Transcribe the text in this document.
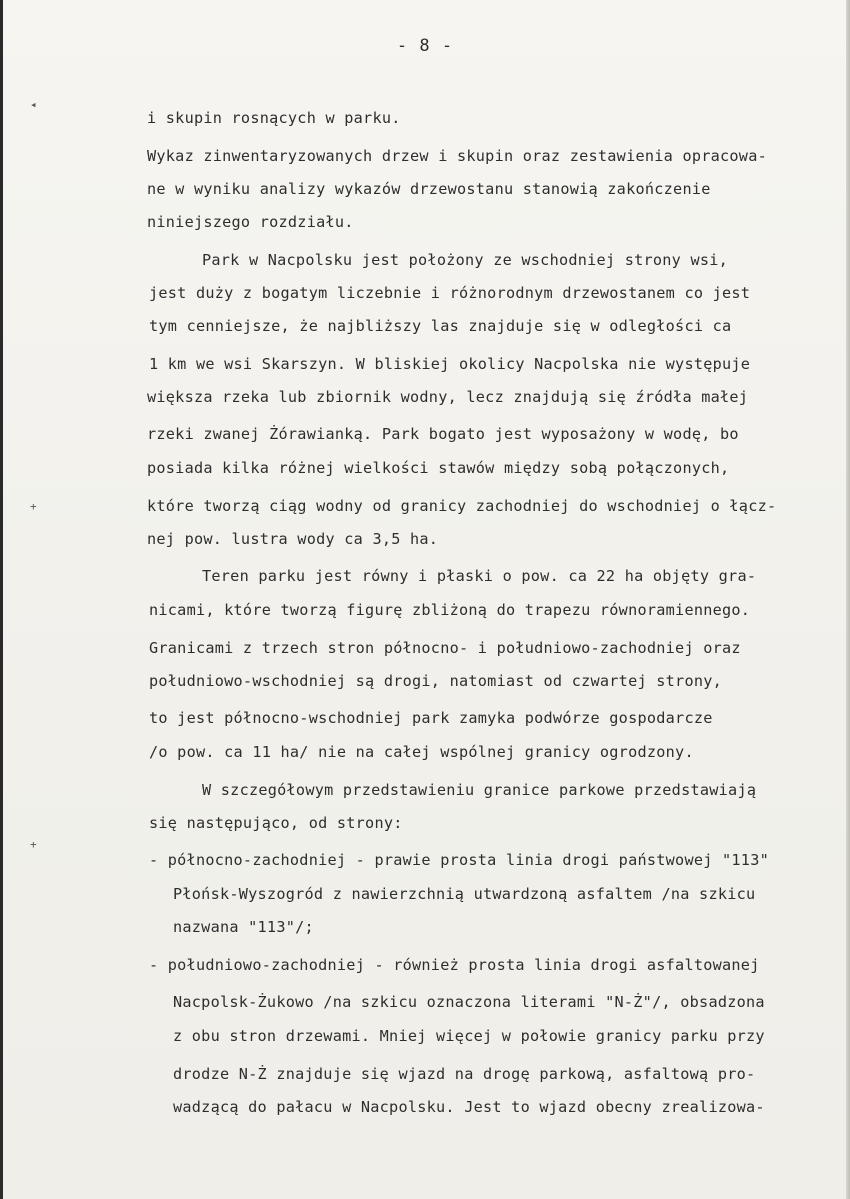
◂
+
+
- 8 -
i skupin rosnących w parku.
Wykaz zinwentaryzowanych drzew i skupin oraz zestawienia opracowa-
ne w wyniku analizy wykazów drzewostanu stanowią zakończenie
niniejszego rozdziału.
Park w Nacpolsku jest położony ze wschodniej strony wsi,
jest duży z bogatym liczebnie i różnorodnym drzewostanem co jest
tym cenniejsze, że najbliższy las znajduje się w odległości ca
1 km we wsi Skarszyn. W bliskiej okolicy Nacpolska nie występuje
większa rzeka lub zbiornik wodny, lecz znajdują się źródła małej
rzeki zwanej Żórawianką. Park bogato jest wyposażony w wodę, bo
posiada kilka różnej wielkości stawów między sobą połączonych,
które tworzą ciąg wodny od granicy zachodniej do wschodniej o łącz-
nej pow. lustra wody ca 3,5 ha.
Teren parku jest równy i płaski o pow. ca 22 ha objęty gra-
nicami, które tworzą figurę zbliżoną do trapezu równoramiennego.
Granicami z trzech stron północno- i południowo-zachodniej oraz
południowo-wschodniej są drogi, natomiast od czwartej strony,
to jest północno-wschodniej park zamyka podwórze gospodarcze
/o pow. ca 11 ha/ nie na całej wspólnej granicy ogrodzony.
W szczegółowym przedstawieniu granice parkowe przedstawiają
się następująco, od strony:
- północno-zachodniej - prawie prosta linia drogi państwowej "113"
Płońsk-Wyszogród z nawierzchnią utwardzoną asfaltem /na szkicu
nazwana "113"/;
- południowo-zachodniej - również prosta linia drogi asfaltowanej
Nacpolsk-Żukowo /na szkicu oznaczona literami "N-Ż"/, obsadzona
z obu stron drzewami. Mniej więcej w połowie granicy parku przy
drodze N-Ż znajduje się wjazd na drogę parkową, asfaltową pro-
wadzącą do pałacu w Nacpolsku. Jest to wjazd obecny zrealizowa-
